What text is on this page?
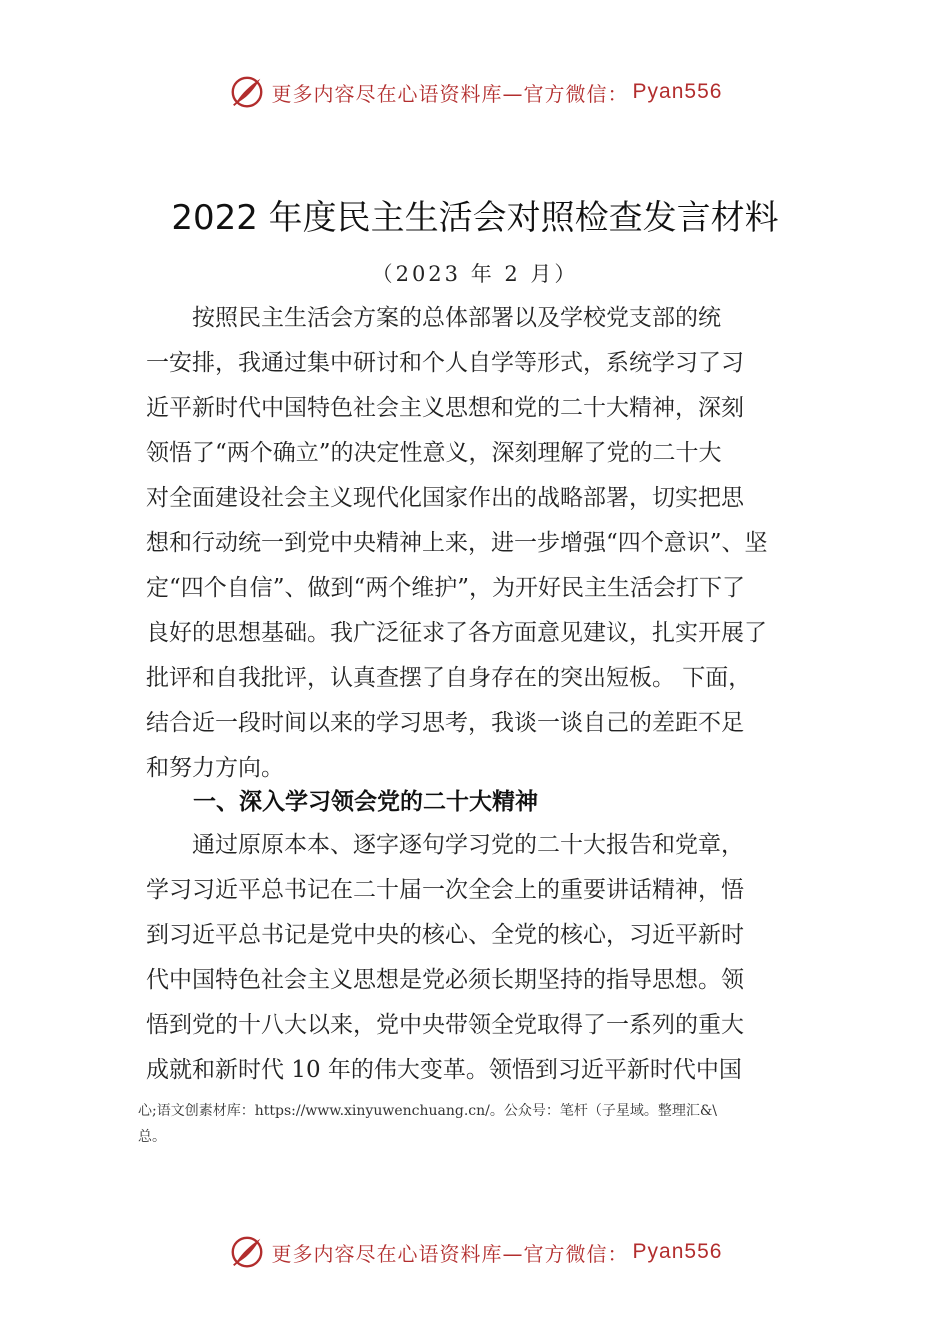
更多内容尽在心语资料库—官方微信： Pyan556
2022 年度民主生活会对照检查发言材料
（2023 年 2 月）
　　按照民主生活会方案的总体部署以及学校党支部的统
一安排，我通过集中研讨和个人自学等形式，系统学习了习
近平新时代中国特色社会主义思想和党的二十大精神，深刻
领悟了“两个确立”的决定性意义，深刻理解了党的二十大
对全面建设社会主义现代化国家作出的战略部署，切实把思
想和行动统一到党中央精神上来，进一步增强“四个意识”、坚
定“四个自信”、做到“两个维护”，为开好民主生活会打下了
良好的思想基础。我广泛征求了各方面意见建议，扎实开展了
批评和自我批评，认真查摆了自身存在的突出短板。 下面，
结合近一段时间以来的学习思考，我谈一谈自己的差距不足
和努力方向。
一、深入学习领会党的二十大精神
　　通过原原本本、逐字逐句学习党的二十大报告和党章，
学习习近平总书记在二十届一次全会上的重要讲话精神，悟
到习近平总书记是党中央的核心、全党的核心，习近平新时
代中国特色社会主义思想是党必须长期坚持的指导思想。领
悟到党的十八大以来，党中央带领全党取得了一系列的重大
成就和新时代 10 年的伟大变革。领悟到习近平新时代中国
心;语文创素材库：https://www.xinyuwenchuang.cn/。公众号：笔杆（子星域。整理汇&\
总。
更多内容尽在心语资料库—官方微信： Pyan556
